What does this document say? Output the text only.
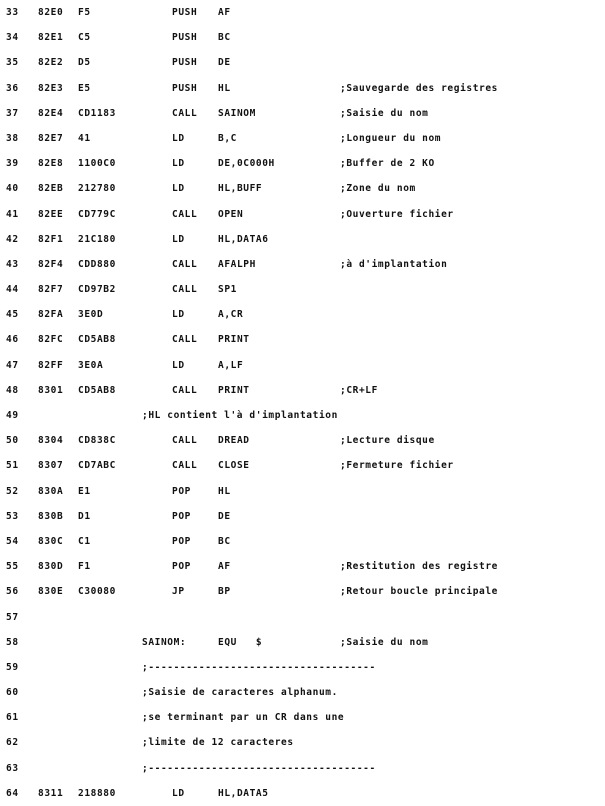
33	82E0	F5	PUSH	AF
34	82E1	C5	PUSH	BC
35	82E2	D5	PUSH	DE
36	82E3	E5	PUSH	HL	;Sauvegarde des registres
37	82E4	CD1183	CALL	SAINOM	;Saisie du nom
38	82E7	41	LD	B,C	;Longueur du nom
39	82E8	1100C0	LD	DE,0C000H	;Buffer de 2 KO
40	82EB	212780	LD	HL,BUFF	;Zone du nom
41	82EE	CD779C	CALL	OPEN	;Ouverture fichier
42	82F1	21C180	LD	HL,DATA6
43	82F4	CDD880	CALL	AFALPH	;à d'implantation
44	82F7	CD97B2	CALL	SP1
45	82FA	3E0D	LD	A,CR
46	82FC	CD5AB8	CALL	PRINT
47	82FF	3E0A	LD	A,LF
48	8301	CD5AB8	CALL	PRINT	;CR+LF
49	;HL contient l'à d'implantation
50	8304	CD838C	CALL	DREAD	;Lecture disque
51	8307	CD7ABC	CALL	CLOSE	;Fermeture fichier
52	830A	E1	POP	HL
53	830B	D1	POP	DE
54	830C	C1	POP	BC
55	830D	F1	POP	AF	;Restitution des registre
56	830E	C30080	JP	BP	;Retour boucle principale
57
58	SAINOM:	EQU   $	;Saisie du nom
59	;------------------------------------
60	;Saisie de caracteres alphanum.
61	;se terminant par un CR dans une
62	;limite de 12 caracteres
63	;------------------------------------
64	8311	218880	LD	HL,DATA5
